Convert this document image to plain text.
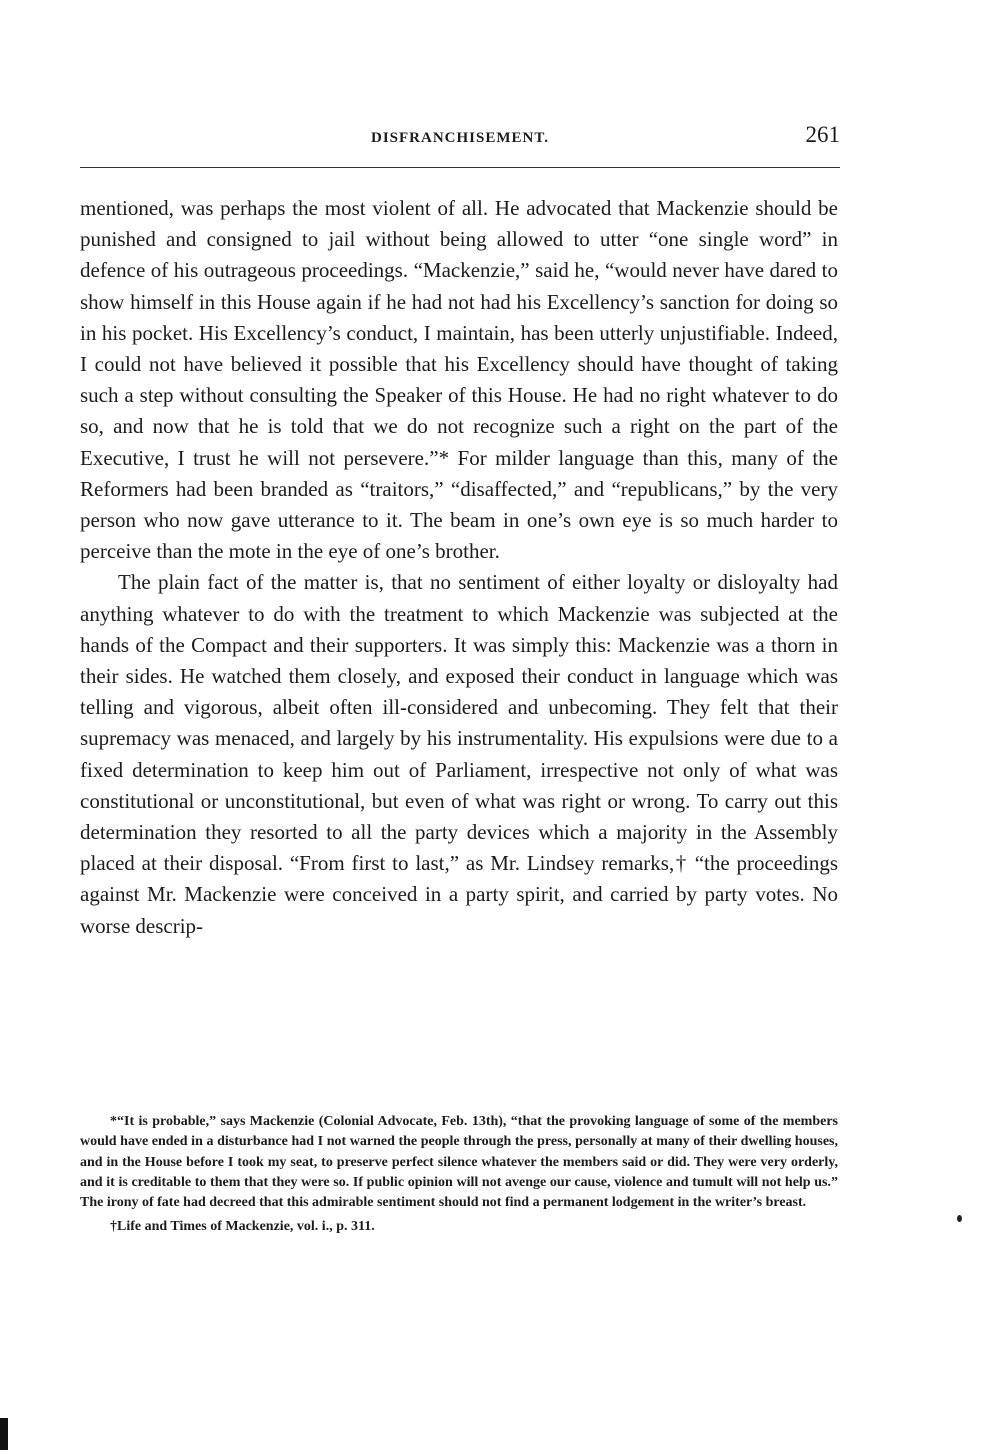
DISFRANCHISEMENT.	261

mentioned, was perhaps the most violent of all. He advocated that Mackenzie should be punished and consigned to jail without being allowed to utter “one single word” in defence of his outrageous proceedings. “Mackenzie,” said he, “would never have dared to show himself in this House again if he had not had his Excellency’s sanction for doing so in his pocket. His Excellency’s conduct, I maintain, has been utterly unjustifiable. Indeed, I could not have believed it possible that his Excellency should have thought of taking such a step without consulting the Speaker of this House. He had no right whatever to do so, and now that he is told that we do not recognize such a right on the part of the Executive, I trust he will not persevere.”* For milder language than this, many of the Reformers had been branded as “traitors,” “disaffected,” and “republicans,” by the very person who now gave utterance to it. The beam in one’s own eye is so much harder to perceive than the mote in the eye of one’s brother.

The plain fact of the matter is, that no sentiment of either loyalty or disloyalty had anything whatever to do with the treatment to which Mackenzie was subjected at the hands of the Compact and their supporters. It was simply this: Mackenzie was a thorn in their sides. He watched them closely, and exposed their conduct in language which was telling and vigorous, albeit often ill-considered and unbecoming. They felt that their supremacy was menaced, and largely by his instrumentality. His expulsions were due to a fixed determination to keep him out of Parliament, irrespective not only of what was constitutional or unconstitutional, but even of what was right or wrong. To carry out this determination they resorted to all the party devices which a majority in the Assembly placed at their disposal. “From first to last,” as Mr. Lindsey remarks,† “the proceedings against Mr. Mackenzie were conceived in a party spirit, and carried by party votes. No worse descrip-

*“It is probable,” says Mackenzie (Colonial Advocate, Feb. 13th), “that the provoking language of some of the members would have ended in a disturbance had I not warned the people through the press, personally at many of their dwelling houses, and in the House before I took my seat, to preserve perfect silence whatever the members said or did. They were very orderly, and it is creditable to them that they were so. If public opinion will not avenge our cause, violence and tumult will not help us.” The irony of fate had decreed that this admirable sentiment should not find a permanent lodgement in the writer’s breast.

†Life and Times of Mackenzie, vol. i., p. 311.
